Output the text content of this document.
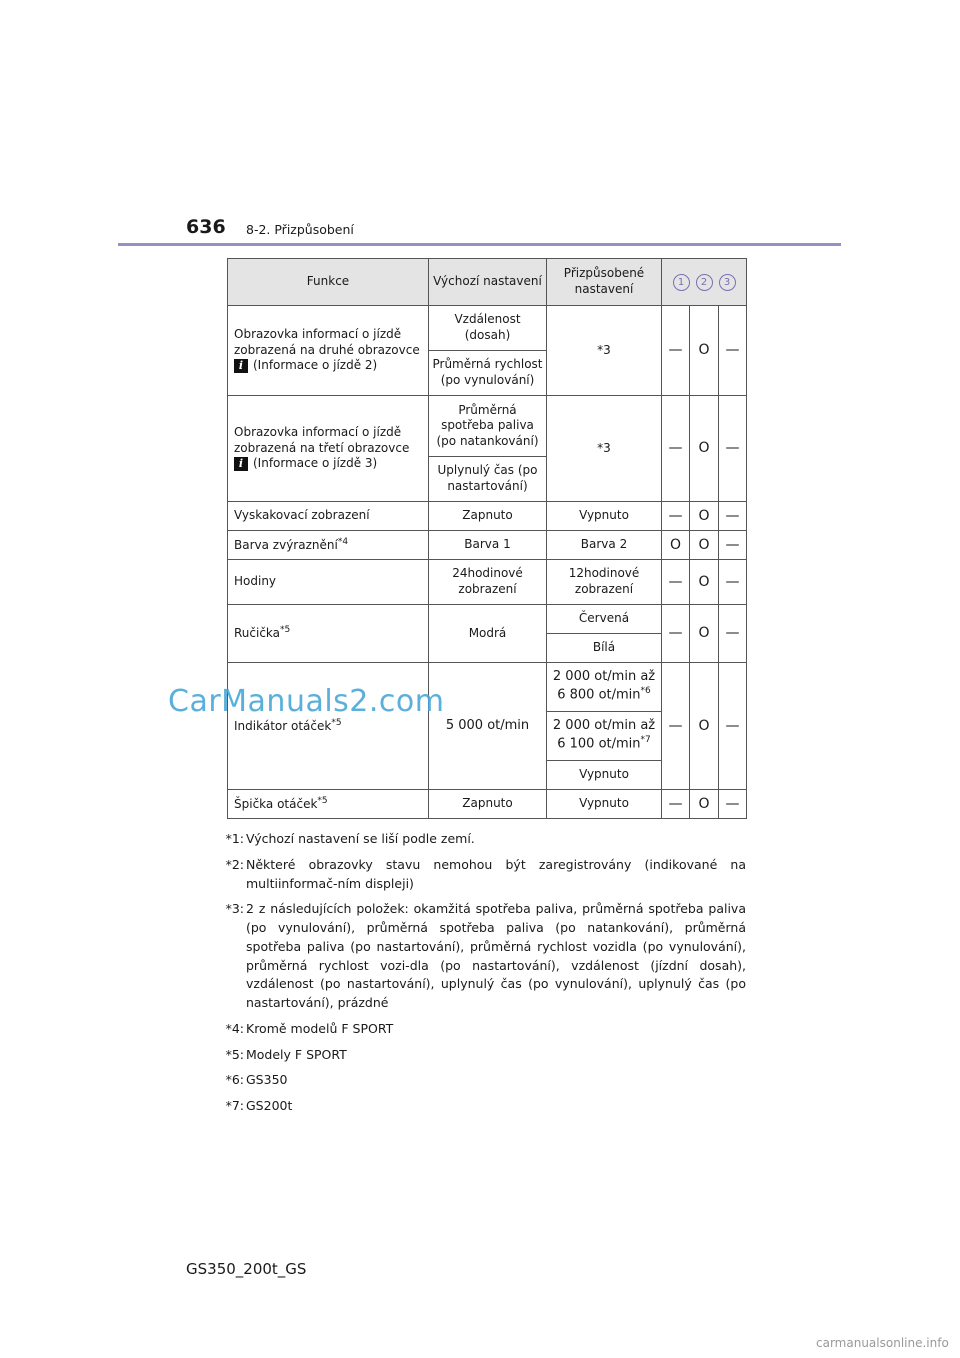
636 8-2. Přizpůsobení
Funkce	Výchozí nastavení	Přizpůsobené nastavení	1 2 3		
Obrazovka informací o jízdě zobrazená na druhé obrazovce
i (Informace o jízdě 2)	Vzdálenost (dosah)	*3	—	O	—
	Průměrná rychlost (po vynulování)				
Obrazovka informací o jízdě zobrazená na třetí obrazovce
i (Informace o jízdě 3)	Průměrná spotřeba paliva (po natankování)	*3	—	O	—
	Uplynulý čas (po nastartování)				
Vyskakovací zobrazení	Zapnuto	Vypnuto	—	O	—
Barva zvýraznění$^{*4}$	Barva 1	Barva 2	O	O	—
Hodiny	24hodinové zobrazení	12hodinové zobrazení	—	O	—
Ručička$^{*5}$	Modrá	Červená	—	O	—
		Bílá			
Indikátor otáček$^{*5}$	5 000 ot/min	2 000 ot/min až 6 800 $ot/\min^{*6}$	—	O	—
		2 000 ot/min až 6 100 $ot/\min^{*7}$
		Vypnuto			
Špička otáček$^{*5}$	Zapnuto	Vypnuto	—	O	—
*1: Výchozí nastavení se liší podle zemí.
*2: Některé obrazovky stavu nemohou být zaregistrovány (indikované na multiinformač-ním displeji)
*3: 2 z následujících položek: okamžitá spotřeba paliva, průměrná spotřeba paliva (po vynulování), průměrná spotřeba paliva (po natankování), průměrná spotřeba paliva (po nastartování), průměrná rychlost vozidla (po vynulování), průměrná rychlost vozi-dla (po nastartování), vzdálenost (jízdní dosah), vzdálenost (po nastartování), uplynulý čas (po vynulování), uplynulý čas (po nastartování), prázdné
*4: Kromě modelů F SPORT
*5: Modely F SPORT
*6: GS350
*7: GS200t
CarManuals2.com
GS350_200t_GS
carmanualsonline.info
